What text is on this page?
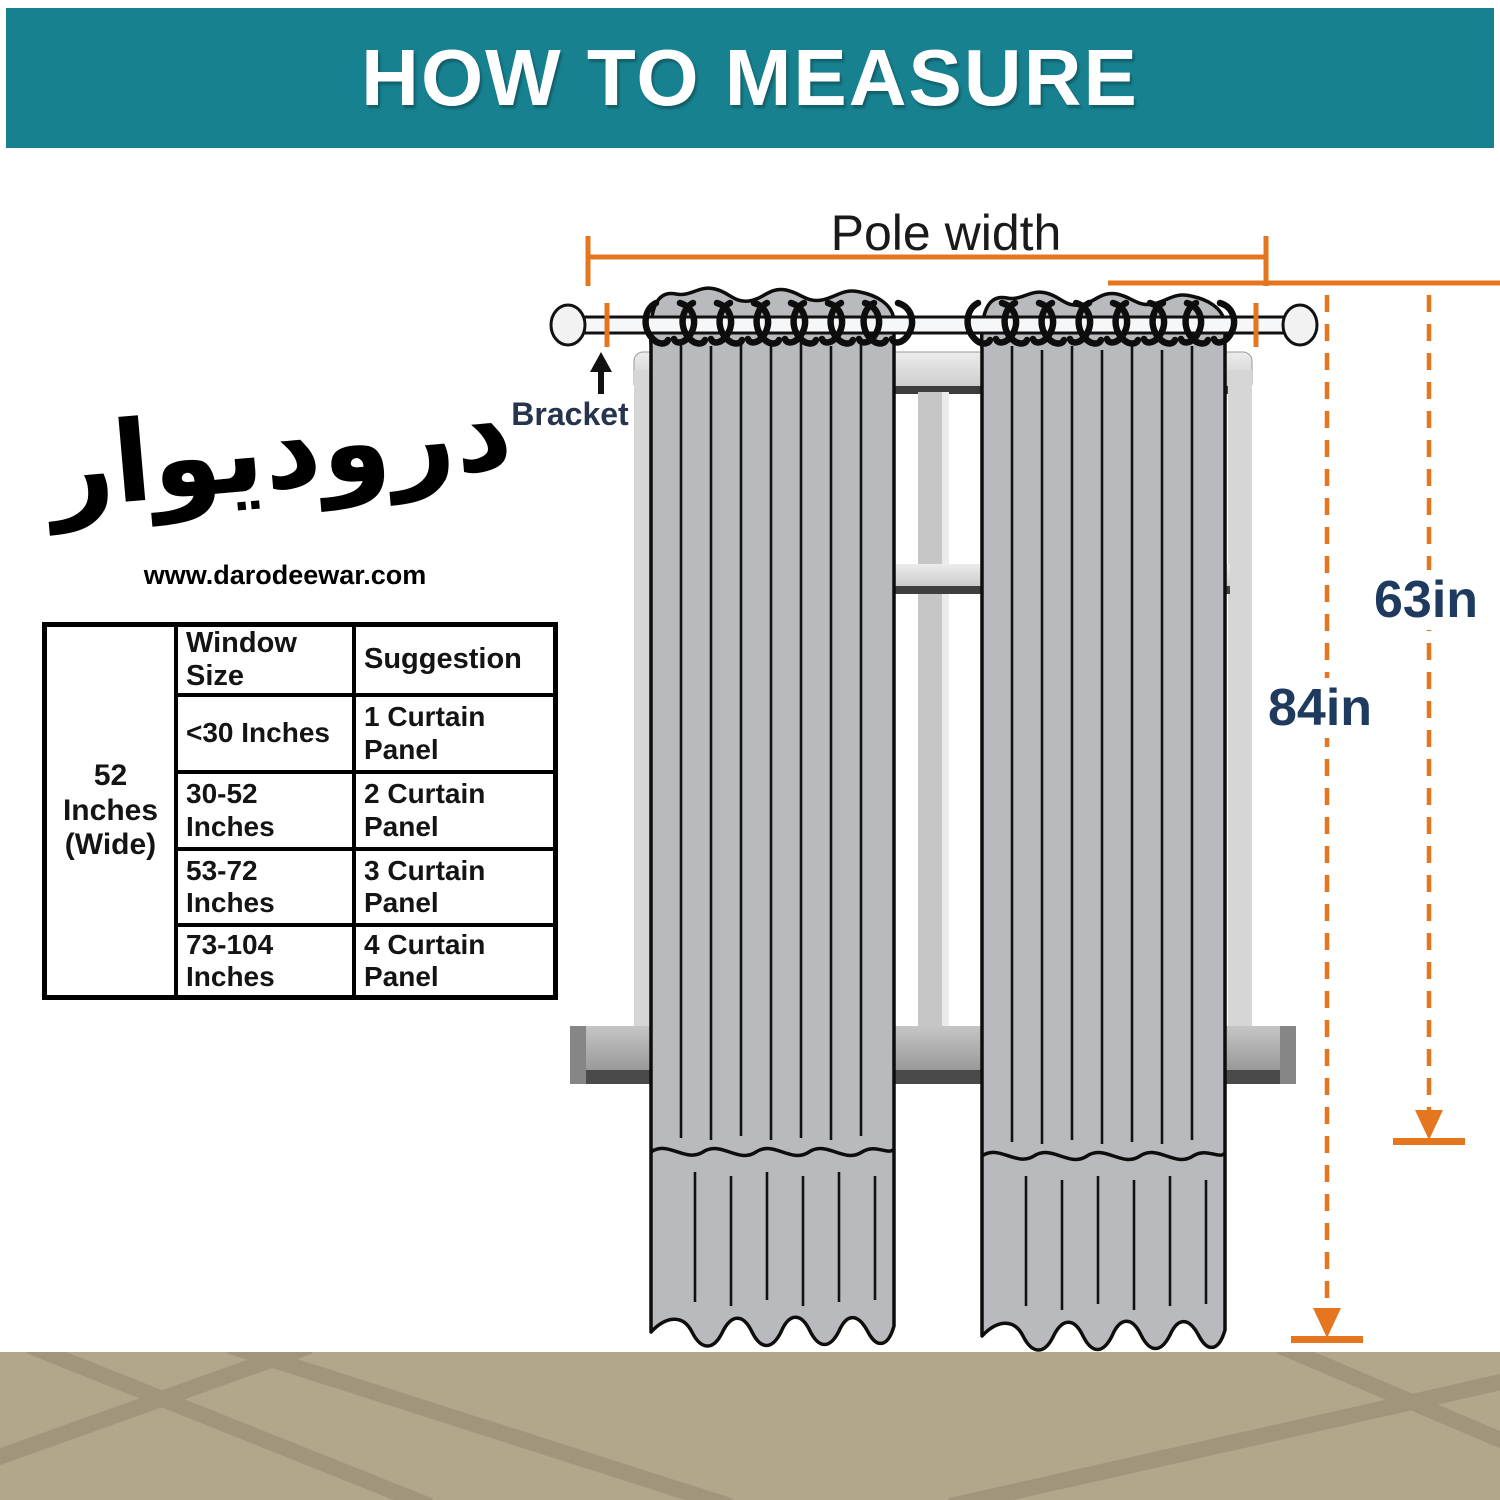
HOW TO MEASURE
درودیوار
www.darodeewar.com
52 Inches (Wide)
Window Size
Suggestion
<30 Inches
1 Curtain Panel
30-52 Inches
2 Curtain Panel
53-72 Inches
3 Curtain Panel
73-104 Inches
4 Curtain Panel
Pole width
Bracket
63in
84in
